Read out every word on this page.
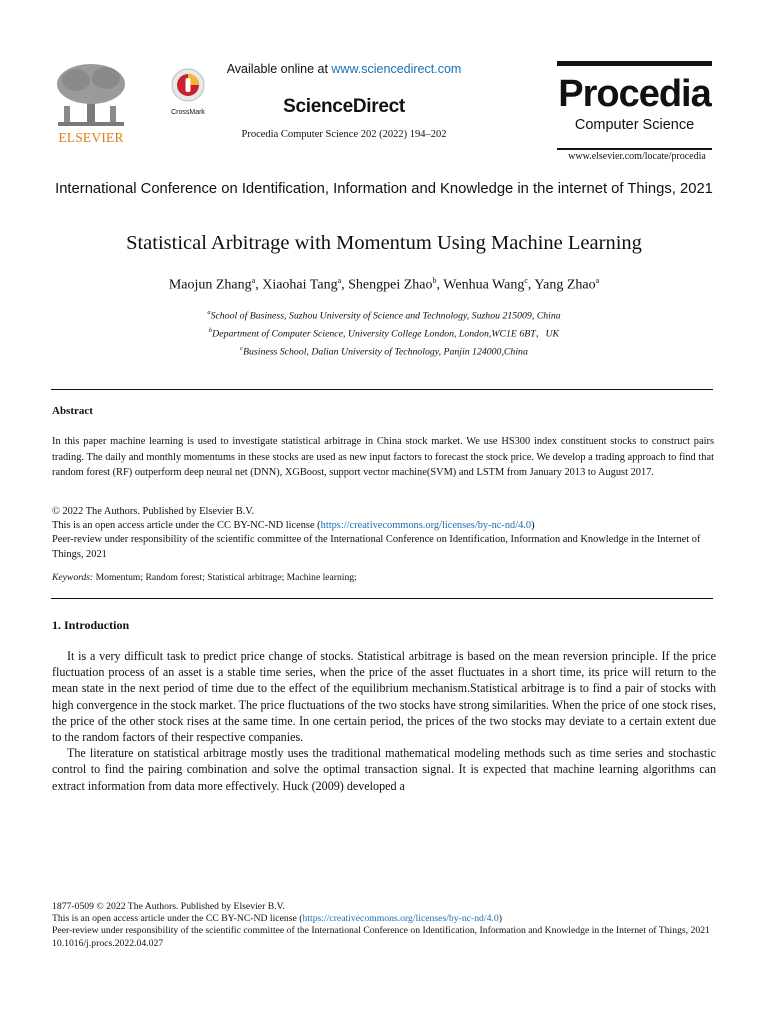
ELSEVIER
CrossMark
Available online at www.sciencedirect.com
ScienceDirect
Procedia Computer Science 202 (2022) 194–202
Procedia
Computer Science
www.elsevier.com/locate/procedia
International Conference on Identification, Information and Knowledge in the internet of Things, 2021
Statistical Arbitrage with Momentum Using Machine Learning
Maojun Zhang$^a$, Xiaohai Tang$^a$, Shengpei Zhao$^b$, Wenhua Wang$^c$, Yang Zhao$^a$
$^a$School of Business, Suzhou University of Science and Technology, Suzhou 215009, China
$^b$Department of Computer Science, University College London, London,WC1E 6BT，UK
$^c$Business School, Dalian University of Technology, Panjin 124000,China
Abstract
In this paper machine learning is used to investigate statistical arbitrage in China stock market. We use HS300 index constituent stocks to construct pairs trading. The daily and monthly momentums in these stocks are used as new input factors to forecast the stock price. We develop a trading approach to find that random forest (RF) outperform deep neural net (DNN), XGBoost, support vector machine(SVM) and LSTM from January 2013 to August 2017.
© 2022 The Authors. Published by Elsevier B.V.
This is an open access article under the CC BY-NC-ND license (https://creativecommons.org/licenses/by-nc-nd/4.0)
Peer-review under responsibility of the scientific committee of the International Conference on Identification, Information and Knowledge in the Internet of Things, 2021
Keywords: Momentum; Random forest; Statistical arbitrage; Machine learning;
1. Introduction

It is a very difficult task to predict price change of stocks. Statistical arbitrage is based on the mean reversion principle. If the price fluctuation process of an asset is a stable time series, when the price of the asset fluctuates in a short time, its price will return to the mean state in the next period of time due to the effect of the equilibrium mechanism.Statistical arbitrage is to find a pair of stocks with high convergence in the stock market. The price fluctuations of the two stocks have strong similarities. When the price of one stock rises, the price of the other stock rises at the same time. In one certain period, the prices of the two stocks may deviate to a certain extent due to the random factors of their respective companies.

The literature on statistical arbitrage mostly uses the traditional mathematical modeling methods such as time series and stochastic control to find the pairing combination and solve the optimal transaction signal. It is expected that machine learning algorithms can extract information from data more effectively. Huck (2009) developed a

1877-0509 © 2022 The Authors. Published by Elsevier B.V.
This is an open access article under the CC BY-NC-ND license (https://creativecommons.org/licenses/by-nc-nd/4.0)
Peer-review under responsibility of the scientific committee of the International Conference on Identification, Information and Knowledge in the Internet of Things, 2021
10.1016/j.procs.2022.04.027
